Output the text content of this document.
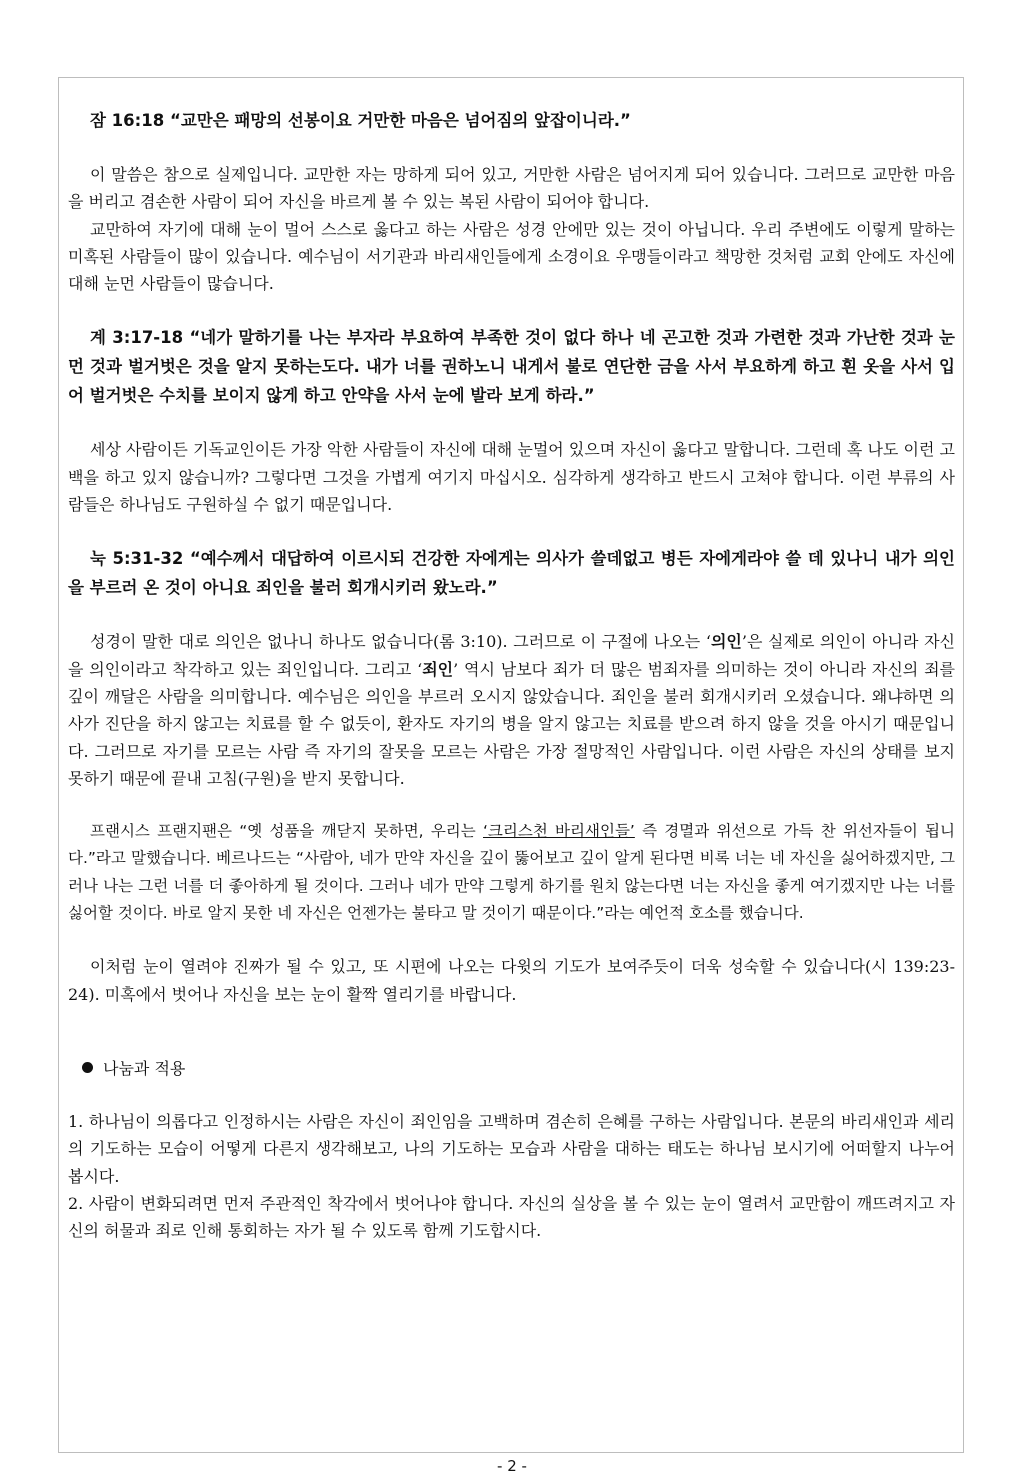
잠 16:18 “교만은 패망의 선봉이요 거만한 마음은 넘어짐의 앞잡이니라.”

이 말씀은 참으로 실제입니다. 교만한 자는 망하게 되어 있고, 거만한 사람은 넘어지게 되어 있습니다. 그러므로 교만한 마음을 버리고 겸손한 사람이 되어 자신을 바르게 볼 수 있는 복된 사람이 되어야 합니다.

교만하여 자기에 대해 눈이 멀어 스스로 옳다고 하는 사람은 성경 안에만 있는 것이 아닙니다. 우리 주변에도 이렇게 말하는 미혹된 사람들이 많이 있습니다. 예수님이 서기관과 바리새인들에게 소경이요 우맹들이라고 책망한 것처럼 교회 안에도 자신에 대해 눈먼 사람들이 많습니다.

계 3:17-18 “네가 말하기를 나는 부자라 부요하여 부족한 것이 없다 하나 네 곤고한 것과 가련한 것과 가난한 것과 눈 먼 것과 벌거벗은 것을 알지 못하는도다. 내가 너를 권하노니 내게서 불로 연단한 금을 사서 부요하게 하고 흰 옷을 사서 입어 벌거벗은 수치를 보이지 않게 하고 안약을 사서 눈에 발라 보게 하라.”

세상 사람이든 기독교인이든 가장 악한 사람들이 자신에 대해 눈멀어 있으며 자신이 옳다고 말합니다. 그런데 혹 나도 이런 고백을 하고 있지 않습니까? 그렇다면 그것을 가볍게 여기지 마십시오. 심각하게 생각하고 반드시 고쳐야 합니다. 이런 부류의 사람들은 하나님도 구원하실 수 없기 때문입니다.

눅 5:31-32 “예수께서 대답하여 이르시되 건강한 자에게는 의사가 쓸데없고 병든 자에게라야 쓸 데 있나니 내가 의인을 부르러 온 것이 아니요 죄인을 불러 회개시키러 왔노라.”

성경이 말한 대로 의인은 없나니 하나도 없습니다(롬 3:10). 그러므로 이 구절에 나오는 ‘의인’은 실제로 의인이 아니라 자신을 의인이라고 착각하고 있는 죄인입니다. 그리고 ‘죄인’ 역시 남보다 죄가 더 많은 범죄자를 의미하는 것이 아니라 자신의 죄를 깊이 깨달은 사람을 의미합니다. 예수님은 의인을 부르러 오시지 않았습니다. 죄인을 불러 회개시키러 오셨습니다. 왜냐하면 의사가 진단을 하지 않고는 치료를 할 수 없듯이, 환자도 자기의 병을 알지 않고는 치료를 받으려 하지 않을 것을 아시기 때문입니다. 그러므로 자기를 모르는 사람 즉 자기의 잘못을 모르는 사람은 가장 절망적인 사람입니다. 이런 사람은 자신의 상태를 보지 못하기 때문에 끝내 고침(구원)을 받지 못합니다.

프랜시스 프랜지팬은 “옛 성품을 깨닫지 못하면, 우리는 ‘크리스천 바리새인들’ 즉 경멸과 위선으로 가득 찬 위선자들이 됩니다.”라고 말했습니다. 베르나드는 “사람아, 네가 만약 자신을 깊이 뚫어보고 깊이 알게 된다면 비록 너는 네 자신을 싫어하겠지만, 그러나 나는 그런 너를 더 좋아하게 될 것이다. 그러나 네가 만약 그렇게 하기를 원치 않는다면 너는 자신을 좋게 여기겠지만 나는 너를 싫어할 것이다. 바로 알지 못한 네 자신은 언젠가는 불타고 말 것이기 때문이다.”라는 예언적 호소를 했습니다.

이처럼 눈이 열려야 진짜가 될 수 있고, 또 시편에 나오는 다윗의 기도가 보여주듯이 더욱 성숙할 수 있습니다(시 139:23-24). 미혹에서 벗어나 자신을 보는 눈이 활짝 열리기를 바랍니다.

나눔과 적용

1. 하나님이 의롭다고 인정하시는 사람은 자신이 죄인임을 고백하며 겸손히 은혜를 구하는 사람입니다. 본문의 바리새인과 세리의 기도하는 모습이 어떻게 다른지 생각해보고, 나의 기도하는 모습과 사람을 대하는 태도는 하나님 보시기에 어떠할지 나누어 봅시다.

2. 사람이 변화되려면 먼저 주관적인 착각에서 벗어나야 합니다. 자신의 실상을 볼 수 있는 눈이 열려서 교만함이 깨뜨려지고 자신의 허물과 죄로 인해 통회하는 자가 될 수 있도록 함께 기도합시다.

- 2 -
